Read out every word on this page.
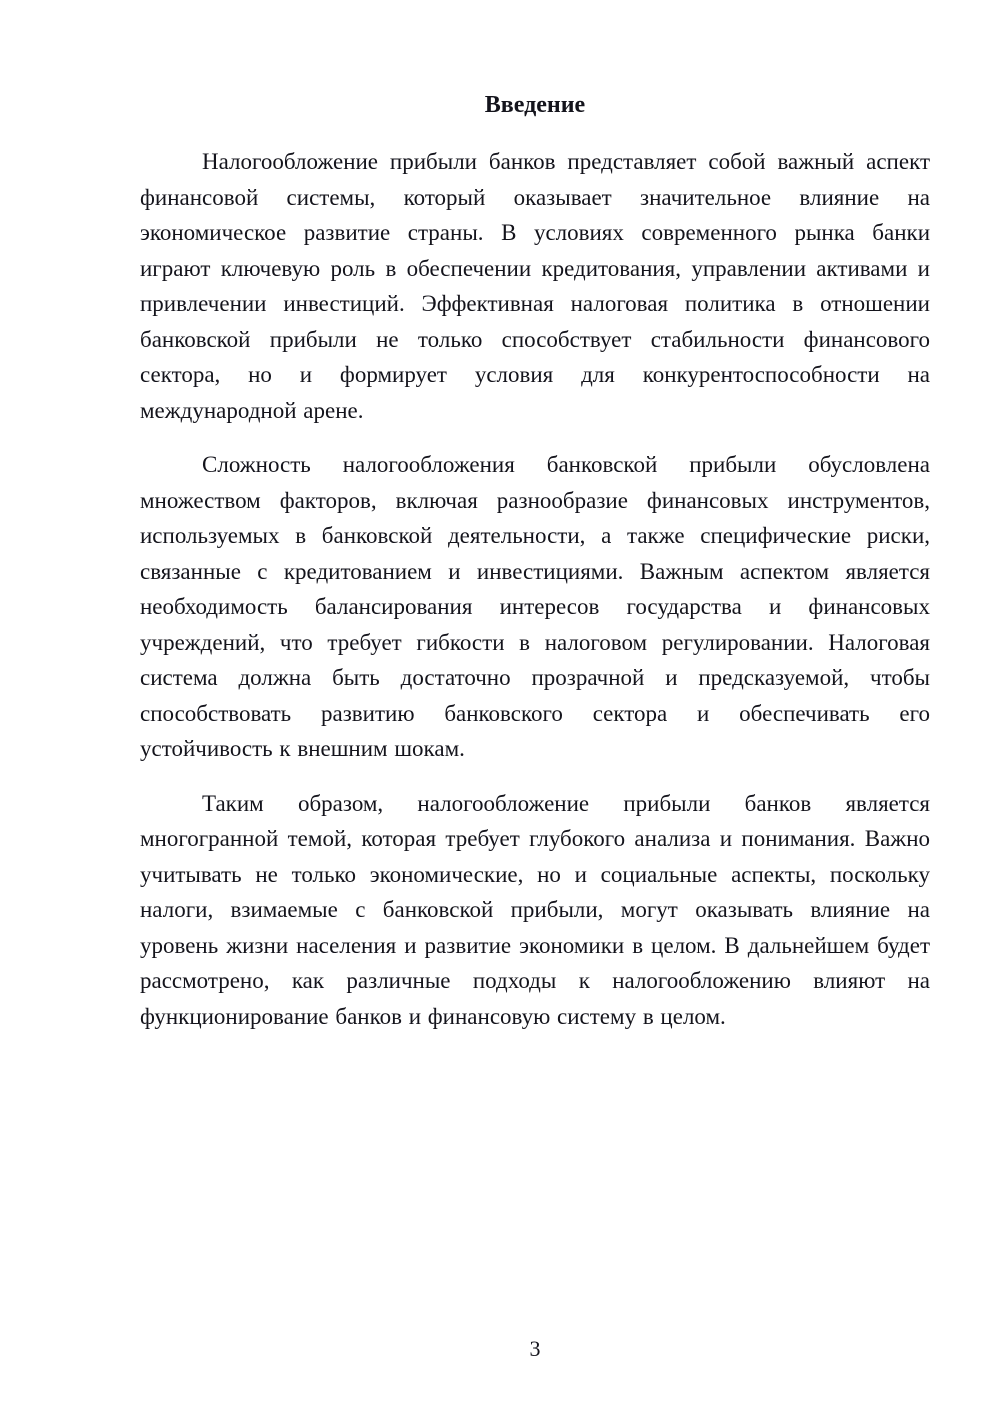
Введение

Налогообложение прибыли банков представляет собой важный аспект финансовой системы, который оказывает значительное влияние на экономическое развитие страны. В условиях современного рынка банки играют ключевую роль в обеспечении кредитования, управлении активами и привлечении инвестиций. Эффективная налоговая политика в отношении банковской прибыли не только способствует стабильности финансового сектора, но и формирует условия для конкурентоспособности на международной арене.

Сложность налогообложения банковской прибыли обусловлена множеством факторов, включая разнообразие финансовых инструментов, используемых в банковской деятельности, а также специфические риски, связанные с кредитованием и инвестициями. Важным аспектом является необходимость балансирования интересов государства и финансовых учреждений, что требует гибкости в налоговом регулировании. Налоговая система должна быть достаточно прозрачной и предсказуемой, чтобы способствовать развитию банковского сектора и обеспечивать его устойчивость к внешним шокам.

Таким образом, налогообложение прибыли банков является многогранной темой, которая требует глубокого анализа и понимания. Важно учитывать не только экономические, но и социальные аспекты, поскольку налоги, взимаемые с банковской прибыли, могут оказывать влияние на уровень жизни населения и развитие экономики в целом. В дальнейшем будет рассмотрено, как различные подходы к налогообложению влияют на функционирование банков и финансовую систему в целом.

3
